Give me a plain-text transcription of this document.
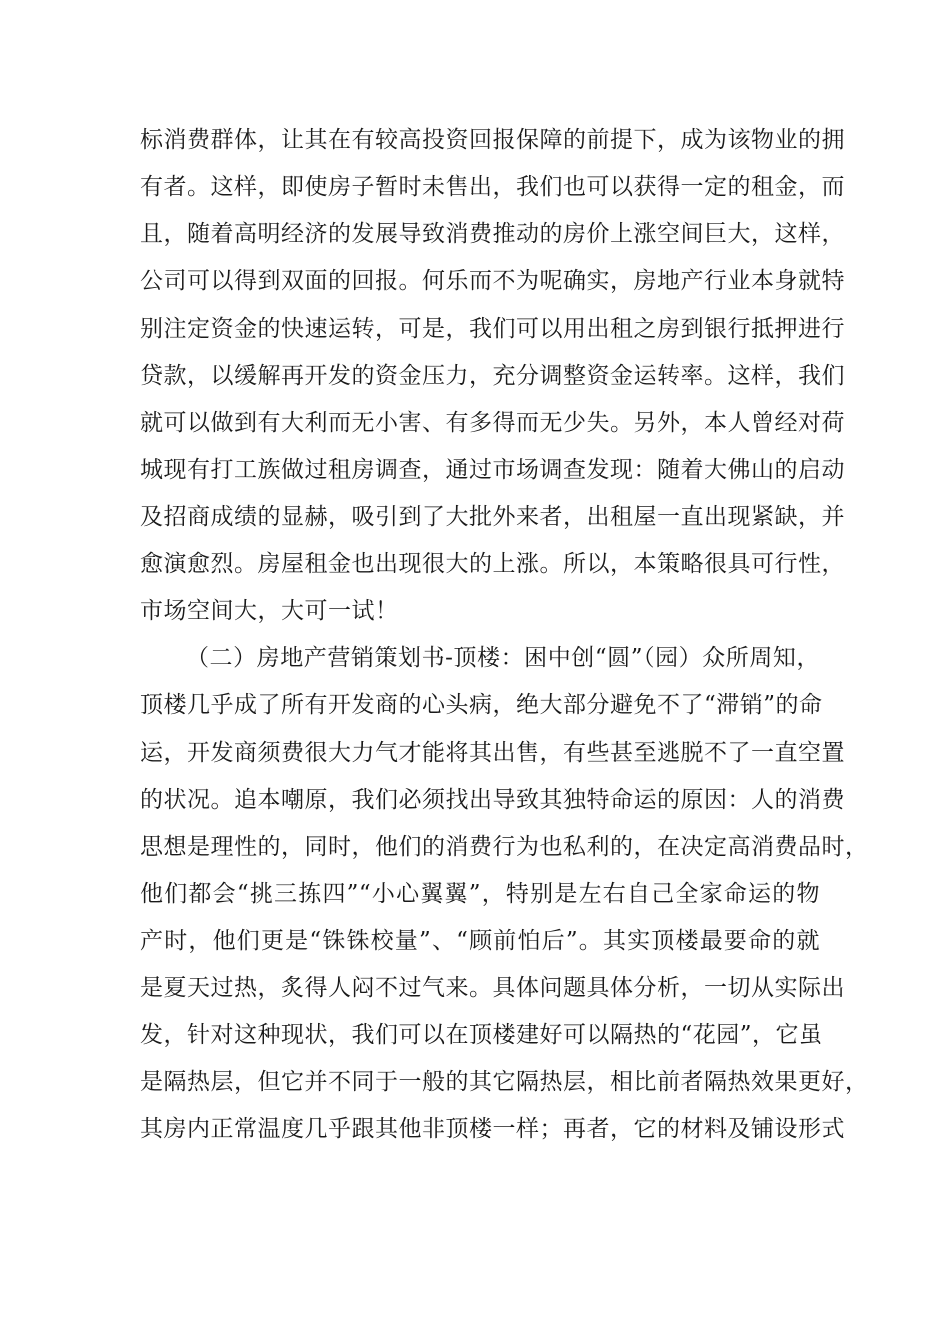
标消费群体，让其在有较高投资回报保障的前提下，成为该物业的拥
有者。这样，即使房子暂时未售出，我们也可以获得一定的租金，而
且，随着高明经济的发展导致消费推动的房价上涨空间巨大，这样，
公司可以得到双面的回报。何乐而不为呢确实，房地产行业本身就特
别注定资金的快速运转，可是，我们可以用出租之房到银行抵押进行
贷款，以缓解再开发的资金压力，充分调整资金运转率。这样，我们
就可以做到有大利而无小害、有多得而无少失。另外，本人曾经对荷
城现有打工族做过租房调查，通过市场调查发现：随着大佛山的启动
及招商成绩的显赫，吸引到了大批外来者，出租屋一直出现紧缺，并
愈演愈烈。房屋租金也出现很大的上涨。所以，本策略很具可行性，
市场空间大，大可一试！
（二）房地产营销策划书-顶楼：困中创“圆”（园）众所周知，
顶楼几乎成了所有开发商的心头病，绝大部分避免不了“滞销”的命
运，开发商须费很大力气才能将其出售，有些甚至逃脱不了一直空置
的状况。追本嘲原，我们必须找出导致其独特命运的原因：人的消费
思想是理性的，同时，他们的消费行为也私利的，在决定高消费品时，
他们都会“挑三拣四”“小心翼翼”，特别是左右自己全家命运的物
产时，他们更是“铢铢校量”、“顾前怕后”。其实顶楼最要命的就
是夏天过热，炙得人闷不过气来。具体问题具体分析，一切从实际出
发，针对这种现状，我们可以在顶楼建好可以隔热的“花园”，它虽
是隔热层，但它并不同于一般的其它隔热层，相比前者隔热效果更好，
其房内正常温度几乎跟其他非顶楼一样；再者，它的材料及铺设形式
